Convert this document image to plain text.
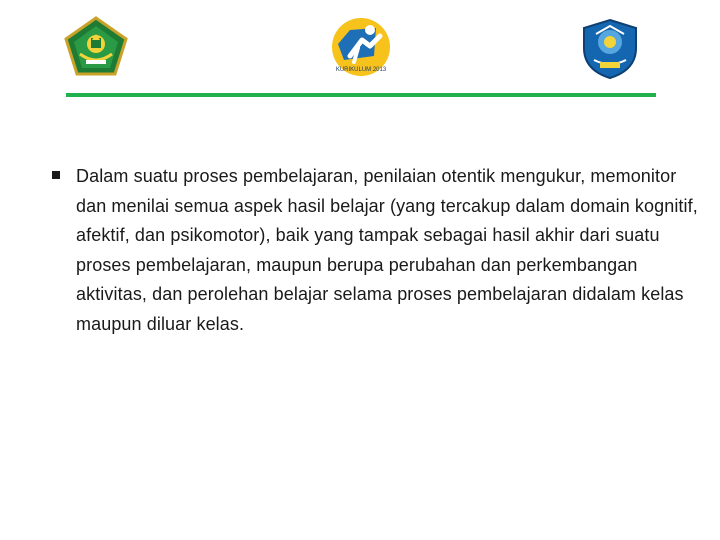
KURIKULUM 2013
Dalam suatu proses pembelajaran, penilaian otentik mengukur, memonitor dan menilai semua aspek hasil belajar (yang tercakup dalam domain kognitif, afektif, dan psikomotor), baik yang tampak sebagai hasil akhir dari suatu proses pembelajaran, maupun berupa perubahan dan perkembangan aktivitas, dan perolehan belajar selama proses pembelajaran didalam kelas maupun diluar kelas.
